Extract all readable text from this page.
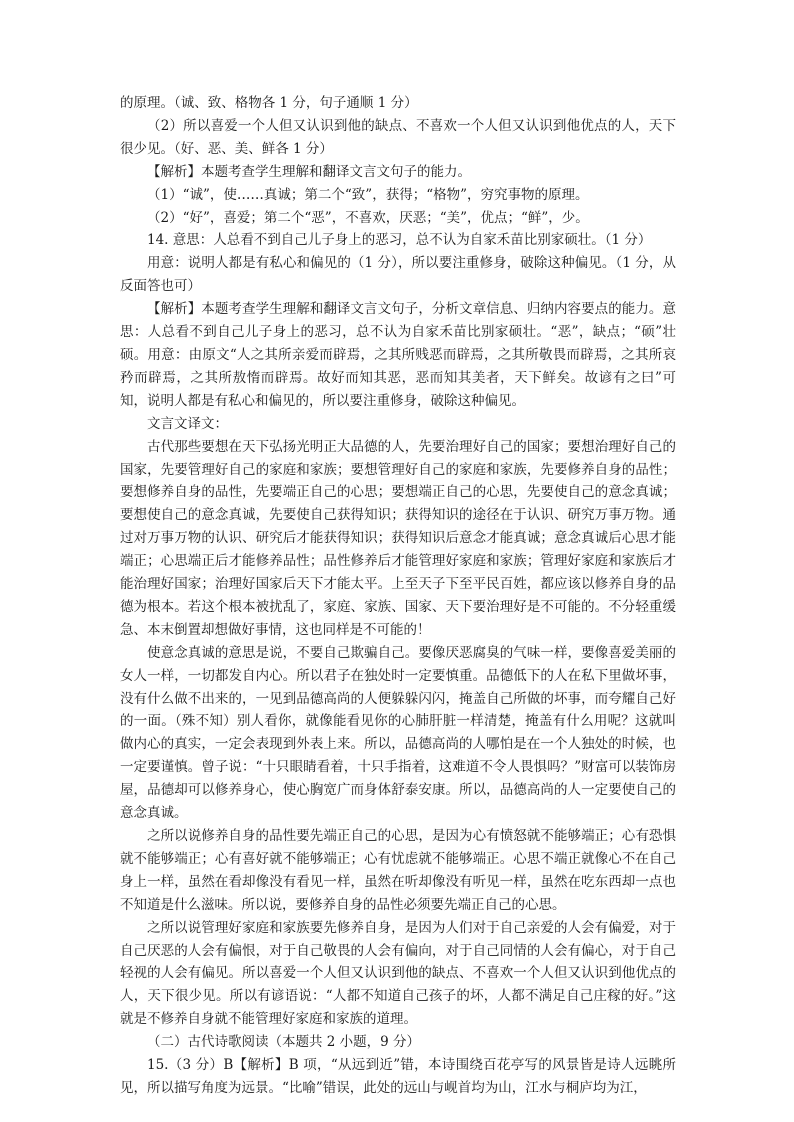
的原理。（诚、致、格物各 1 分，句子通顺 1 分）

（2）所以喜爱一个人但又认识到他的缺点、不喜欢一个人但又认识到他优点的人，天下很少见。（好、恶、美、鲜各 1 分）

【解析】本题考查学生理解和翻译文言文句子的能力。

（1）“诚”，使……真诚；第二个“致”，获得；“格物”，穷究事物的原理。

（2）“好”，喜爱；第二个“恶”，不喜欢，厌恶；“美”，优点；“鲜”，少。

14. 意思：人总看不到自己儿子身上的恶习，总不认为自家禾苗比别家硕壮。（1 分）

用意：说明人都是有私心和偏见的（1 分），所以要注重修身，破除这种偏见。（1 分，从反面答也可）

【解析】本题考查学生理解和翻译文言文句子，分析文章信息、归纳内容要点的能力。意思：人总看不到自己儿子身上的恶习，总不认为自家禾苗比别家硕壮。“恶”，缺点；“硕”壮硕。用意：由原文“人之其所亲爱而辟焉，之其所贱恶而辟焉，之其所敬畏而辟焉，之其所哀矜而辟焉，之其所敖惰而辟焉。故好而知其恶，恶而知其美者，天下鲜矣。故谚有之曰”可知，说明人都是有私心和偏见的，所以要注重修身，破除这种偏见。

文言文译文：

古代那些要想在天下弘扬光明正大品德的人，先要治理好自己的国家；要想治理好自己的国家，先要管理好自己的家庭和家族；要想管理好自己的家庭和家族，先要修养自身的品性；要想修养自身的品性，先要端正自己的心思；要想端正自己的心思，先要使自己的意念真诚；要想使自己的意念真诚，先要使自己获得知识；获得知识的途径在于认识、研究万事万物。通过对万事万物的认识、研究后才能获得知识；获得知识后意念才能真诚；意念真诚后心思才能端正；心思端正后才能修养品性；品性修养后才能管理好家庭和家族；管理好家庭和家族后才能治理好国家；治理好国家后天下才能太平。上至天子下至平民百姓，都应该以修养自身的品德为根本。若这个根本被扰乱了，家庭、家族、国家、天下要治理好是不可能的。不分轻重缓急、本末倒置却想做好事情，这也同样是不可能的！

使意念真诚的意思是说，不要自己欺骗自己。要像厌恶腐臭的气味一样，要像喜爱美丽的女人一样，一切都发自内心。所以君子在独处时一定要慎重。品德低下的人在私下里做坏事，没有什么做不出来的，一见到品德高尚的人便躲躲闪闪，掩盖自己所做的坏事，而夸耀自己好的一面。（殊不知）别人看你，就像能看见你的心肺肝脏一样清楚，掩盖有什么用呢？这就叫做内心的真实，一定会表现到外表上来。所以，品德高尚的人哪怕是在一个人独处的时候，也一定要谨慎。曾子说：“十只眼睛看着，十只手指着，这难道不令人畏惧吗？”财富可以装饰房屋，品德却可以修养身心，使心胸宽广而身体舒泰安康。所以，品德高尚的人一定要使自己的意念真诚。

之所以说修养自身的品性要先端正自己的心思，是因为心有愤怒就不能够端正；心有恐惧就不能够端正；心有喜好就不能够端正；心有忧虑就不能够端正。心思不端正就像心不在自己身上一样，虽然在看却像没有看见一样，虽然在听却像没有听见一样，虽然在吃东西却一点也不知道是什么滋味。所以说，要修养自身的品性必须要先端正自己的心思。

之所以说管理好家庭和家族要先修养自身，是因为人们对于自己亲爱的人会有偏爱，对于自己厌恶的人会有偏恨，对于自己敬畏的人会有偏向，对于自己同情的人会有偏心，对于自己轻视的人会有偏见。所以喜爱一个人但又认识到他的缺点、不喜欢一个人但又认识到他优点的人，天下很少见。所以有谚语说：“人都不知道自己孩子的坏，人都不满足自己庄稼的好。”这就是不修养自身就不能管理好家庭和家族的道理。

（二）古代诗歌阅读（本题共 2 小题，9 分）

15.（3 分）B【解析】B 项，“从远到近”错，本诗围绕百花亭写的风景皆是诗人远眺所见，所以描写角度为远景。“比喻”错误，此处的远山与岘首均为山，江水与桐庐均为江，
